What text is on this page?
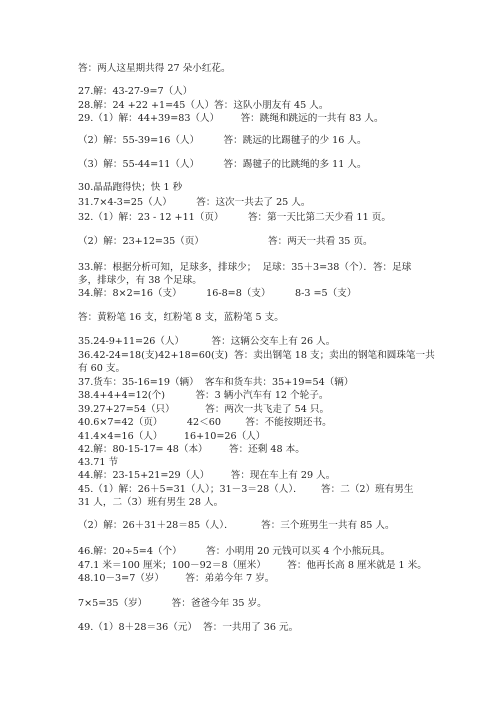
答：两人这星期共得 27 朵小红花。
27.解：43-27-9=7（人）
28.解：24 +22 +1=45（人）答：这队小朋友有 45 人。
29.（1）解：44+39=83（人）       答：跳绳和跳远的一共有 83 人。
（2）解：55-39=16（人）        答：跳远的比踢毽子的少 16 人。
（3）解：55-44=11（人）        答：踢毽子的比跳绳的多 11 人。
30.晶晶跑得快；快 1 秒
31.7×4-3=25（人）        答：这次一共去了 25 人。
32.（1）解：23 - 12 +11（页）        答：第一天比第二天少看 11 页。
（2）解：23+12=35（页）                     答：两天一共看 35 页。
33.解：根据分析可知，足球多，排球少；  足球：35＋3=38（个）．答：足球
多，排球少，有 38 个足球。
34.解：8×2=16（支）        16-8=8（支）        8-3 =5（支）
答：黄粉笔 16 支，红粉笔 8 支，蓝粉笔 5 支。
35.24-9+11=26（人）         答：这辆公交车上有 26 人。
36.42-24=18(支)42+18=60(支)  答：卖出钢笔 18 支；卖出的钢笔和圆珠笔一共
有 60 支。
37.货车：35-16=19（辆）  客车和货车共：35+19=54（辆）
38.4+4+4=12(个)          答：3 辆小汽车有 12 个轮子。
39.27+27=54（只）          答：两次一共飞走了 54 只。
40.6×7=42（页）        42＜60        答：不能按期还书。
41.4×4=16（人）       16+10=26（人）
42.解：80-15-17= 48（本）       答：还剩 48 本。
43.71 节
44.解：23-15+21=29（人）       答：现在车上有 29 人。
45.（1）解：26＋5=31（人）；31－3＝28（人）．      答：二（2）班有男生
31 人，二（3）班有男生 28 人。
（2）解：26＋31＋28＝85（人）．         答：三个班男生一共有 85 人。
46.解：20÷5=4（个）        答：小明用 20 元钱可以买 4 个小熊玩具。
47.1 米＝100 厘米；100－92＝8（厘米）       答：他再长高 8 厘米就是 1 米。
48.10－3=7（岁）       答：弟弟今年 7 岁。
7×5=35（岁）        答：爸爸今年 35 岁。
49.（1）8＋28＝36（元）  答：一共用了 36 元。
